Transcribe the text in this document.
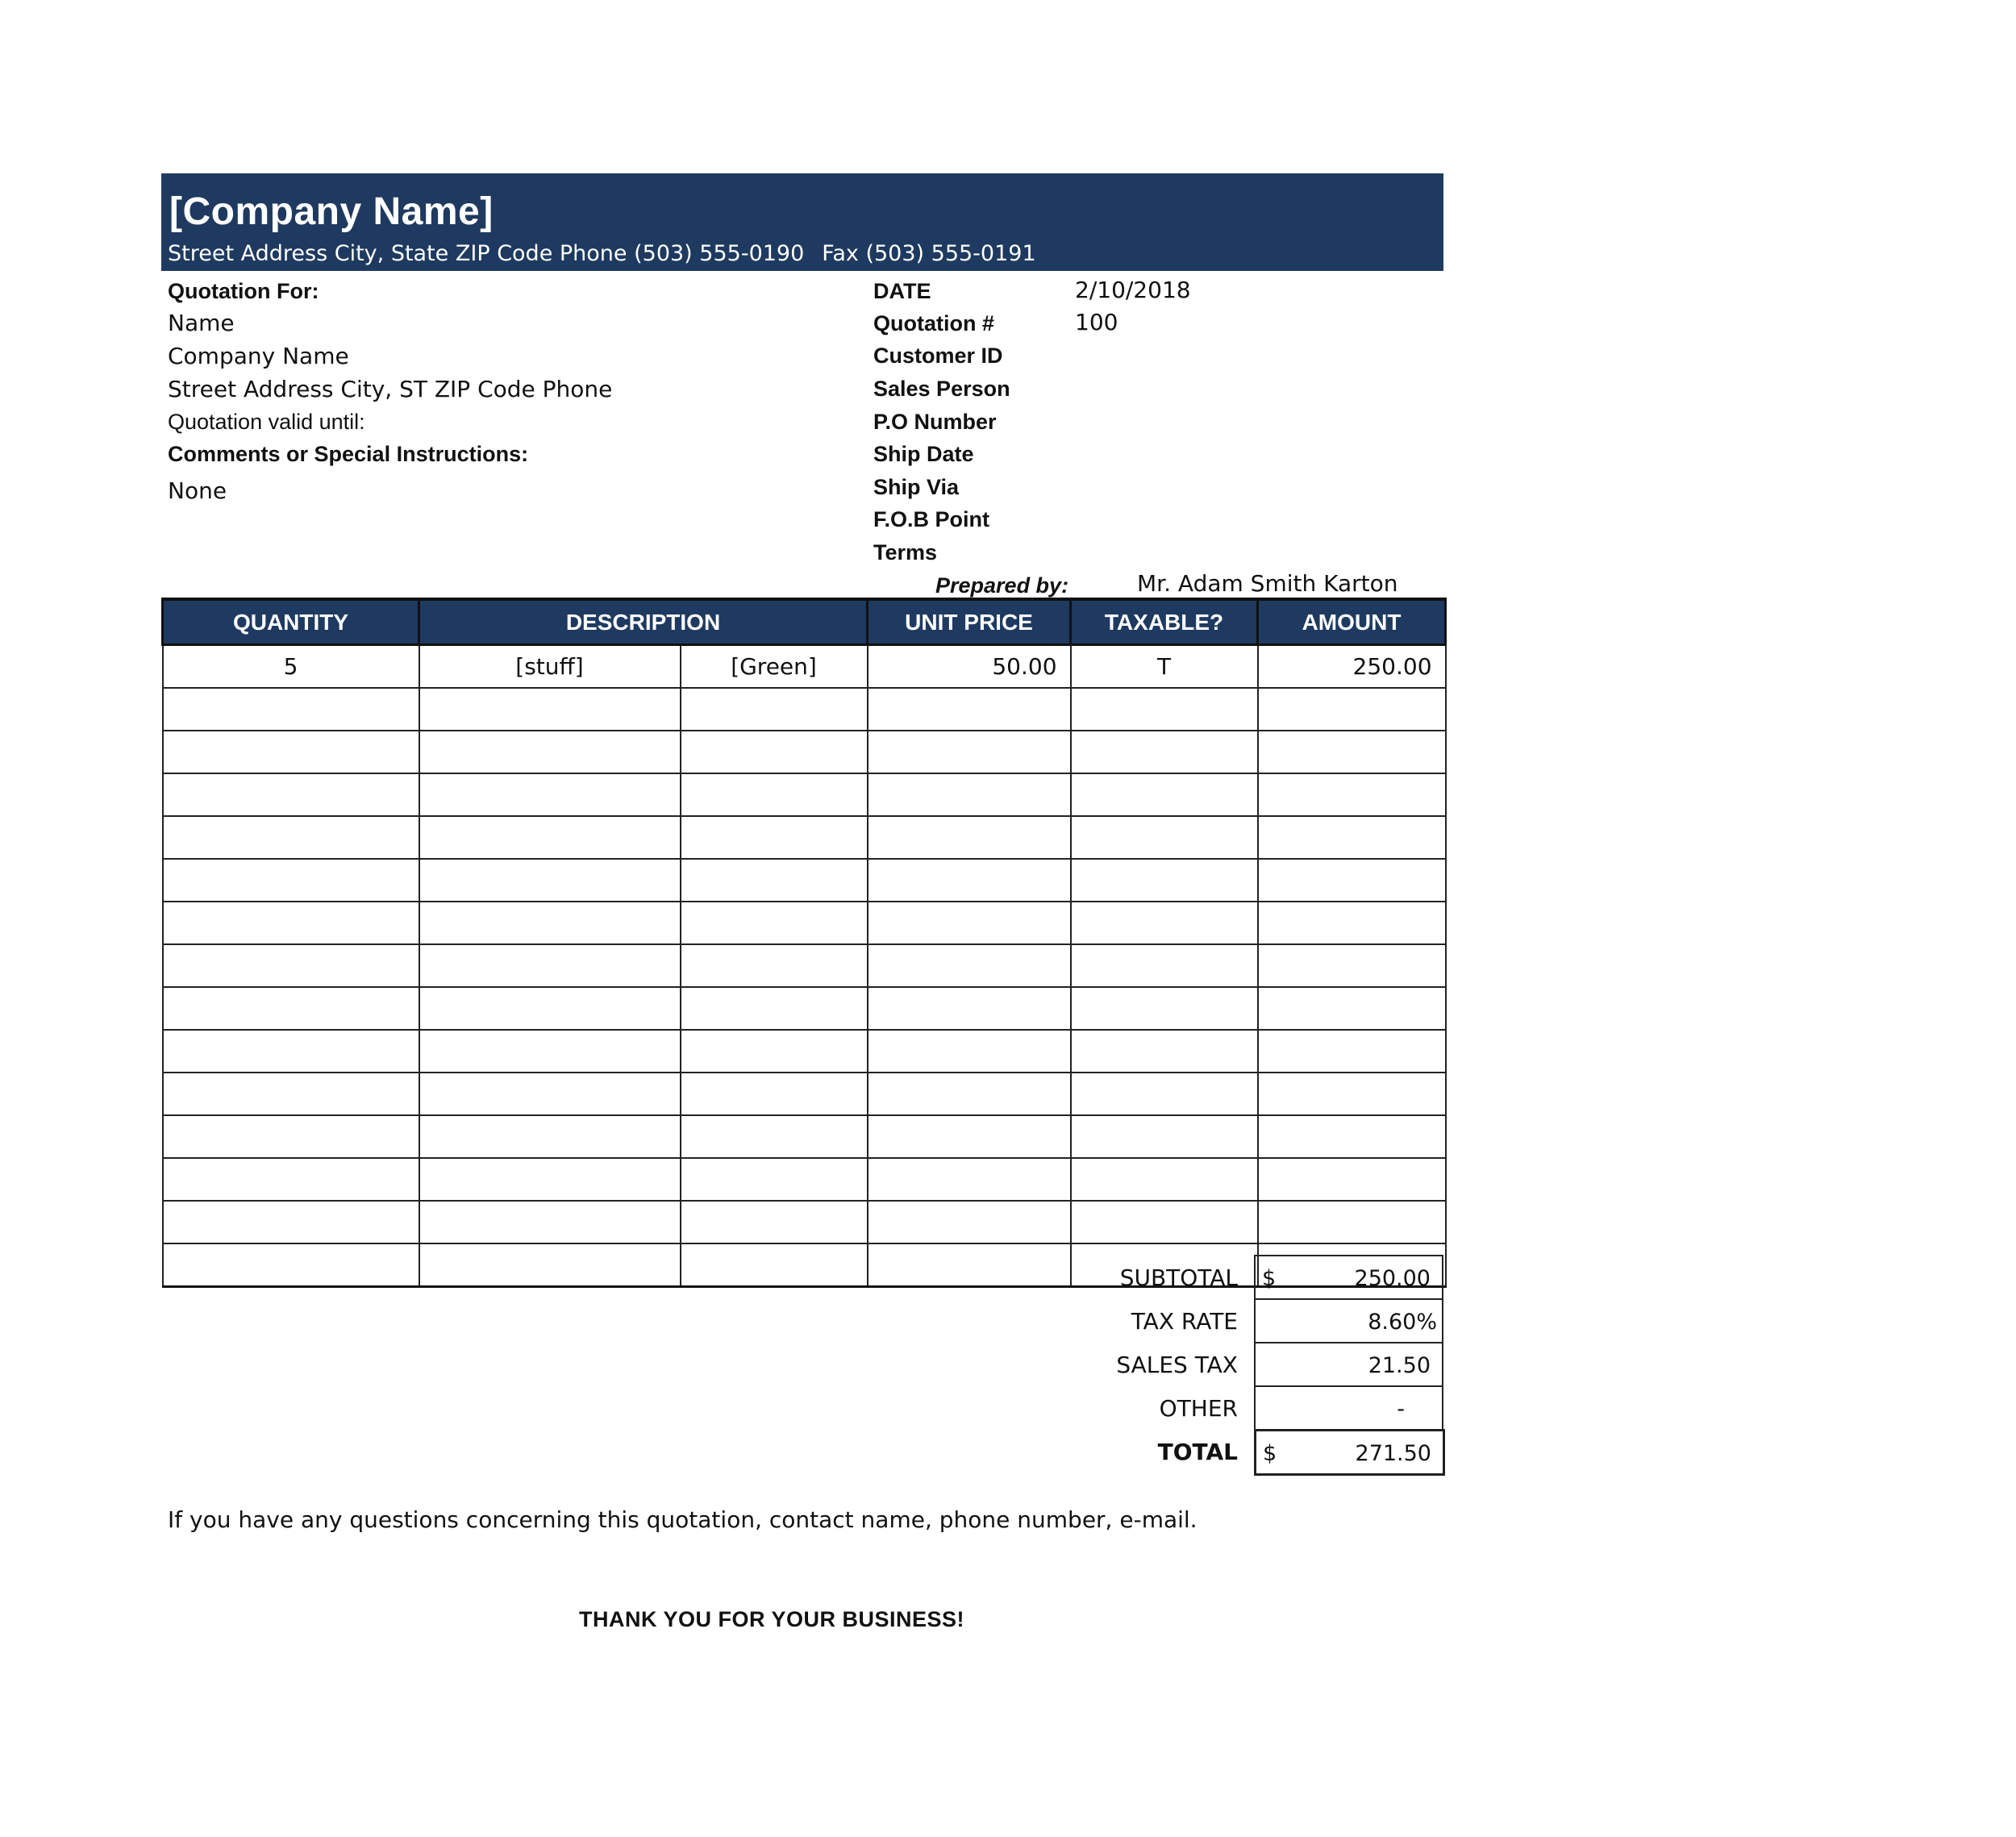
[Company Name]
Street Address City, State ZIP Code Phone (503) 555-0190 Fax (503) 555-0191
Quotation For:
Name
Company Name
Street Address City, ST ZIP Code Phone
Quotation valid until:
Comments or Special Instructions:
None
DATE	2/10/2018
Quotation #	100
Customer ID
Sales Person
P.O Number
Ship Date
Ship Via
F.O.B Point
Terms
Prepared by:	Mr. Adam Smith Karton
QUANTITY	DESCRIPTION		UNIT PRICE	TAXABLE?	AMOUNT
5	[stuff]	[Green]	50.00	T	250.00

SUBTOTAL $	250.00
TAX RATE	8.60%
SALES TAX	21.50
OTHER	-
TOTAL $	271.50
If you have any questions concerning this quotation, contact name, phone number, e-mail.
THANK YOU FOR YOUR BUSINESS!
